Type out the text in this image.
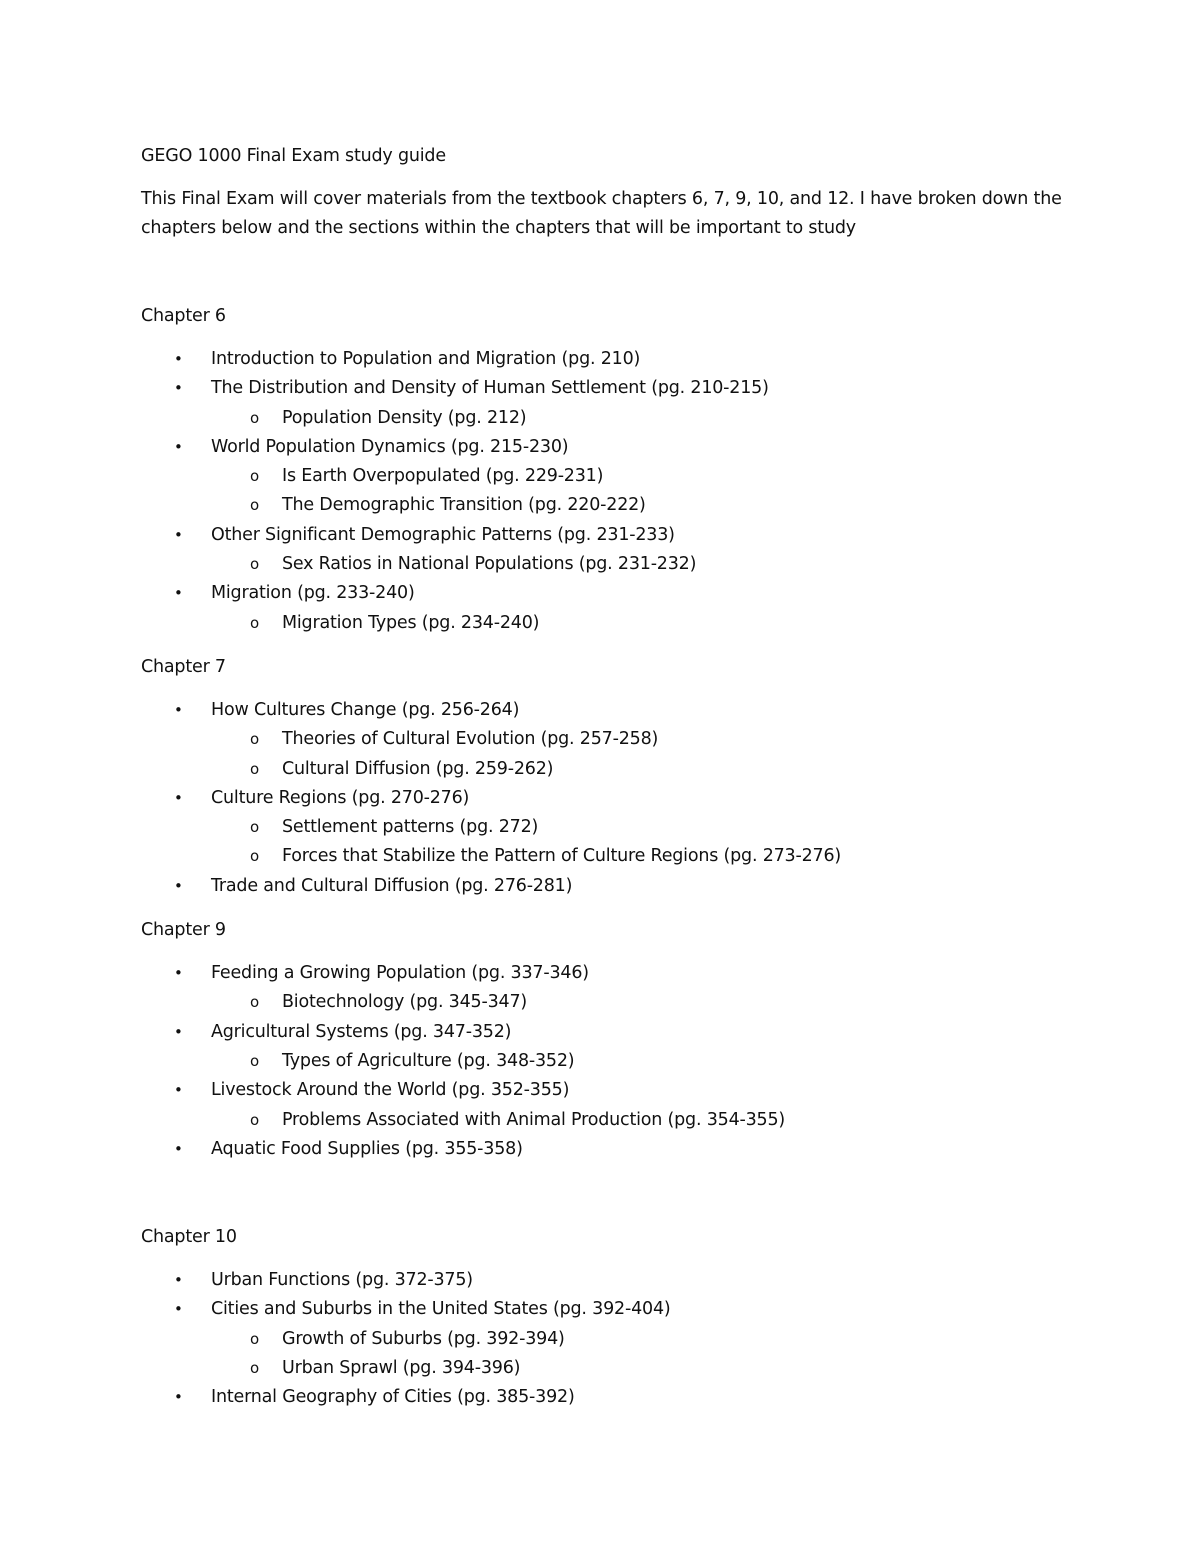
GEGO 1000 Final Exam study guide

This Final Exam will cover materials from the textbook chapters 6, 7, 9, 10, and 12. I have broken down the chapters below and the sections within the chapters that will be important to study

Chapter 6

• Introduction to Population and Migration (pg. 210)
• The Distribution and Density of Human Settlement (pg. 210-215)
o Population Density (pg. 212)
• World Population Dynamics (pg. 215-230)
o Is Earth Overpopulated (pg. 229-231)
o The Demographic Transition (pg. 220-222)
• Other Significant Demographic Patterns (pg. 231-233)
o Sex Ratios in National Populations (pg. 231-232)
• Migration (pg. 233-240)
o Migration Types (pg. 234-240)

Chapter 7

• How Cultures Change (pg. 256-264)
o Theories of Cultural Evolution (pg. 257-258)
o Cultural Diffusion (pg. 259-262)
• Culture Regions (pg. 270-276)
o Settlement patterns (pg. 272)
o Forces that Stabilize the Pattern of Culture Regions (pg. 273-276)
• Trade and Cultural Diffusion (pg. 276-281)

Chapter 9

• Feeding a Growing Population (pg. 337-346)
o Biotechnology (pg. 345-347)
• Agricultural Systems (pg. 347-352)
o Types of Agriculture (pg. 348-352)
• Livestock Around the World (pg. 352-355)
o Problems Associated with Animal Production (pg. 354-355)
• Aquatic Food Supplies (pg. 355-358)

Chapter 10

• Urban Functions (pg. 372-375)
• Cities and Suburbs in the United States (pg. 392-404)
o Growth of Suburbs (pg. 392-394)
o Urban Sprawl (pg. 394-396)
• Internal Geography of Cities (pg. 385-392)
